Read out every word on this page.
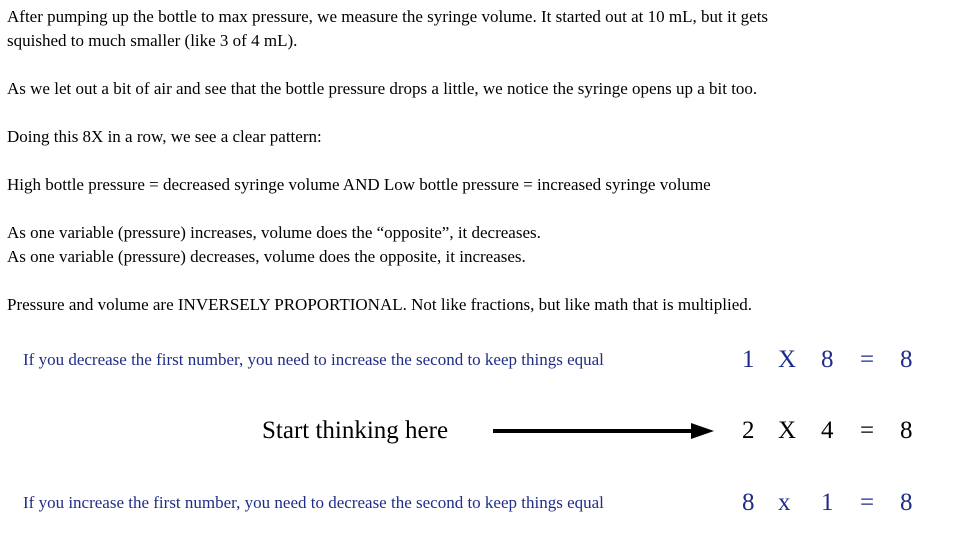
After pumping up the bottle to max pressure, we measure the syringe volume. It started out at 10 mL, but it gets

squished to much smaller (like 3 of 4 mL).

As we let out a bit of air and see that the bottle pressure drops a little, we notice the syringe opens up a bit too.

Doing this 8X in a row, we see a clear pattern:

High bottle pressure = decreased syringe volume AND Low bottle pressure = increased syringe volume

As one variable (pressure) increases, volume does the “opposite”, it decreases.

As one variable (pressure) decreases, volume does the opposite, it increases.

Pressure and volume are INVERSELY PROPORTIONAL. Not like fractions, but like math that is multiplied.

If you decrease the first number, you need to increase the second to keep things equal	1 X 8 = 8
Start thinking here	2 X 4 = 8
If you increase the first number, you need to decrease the second to keep things equal	8 x 1 = 8
